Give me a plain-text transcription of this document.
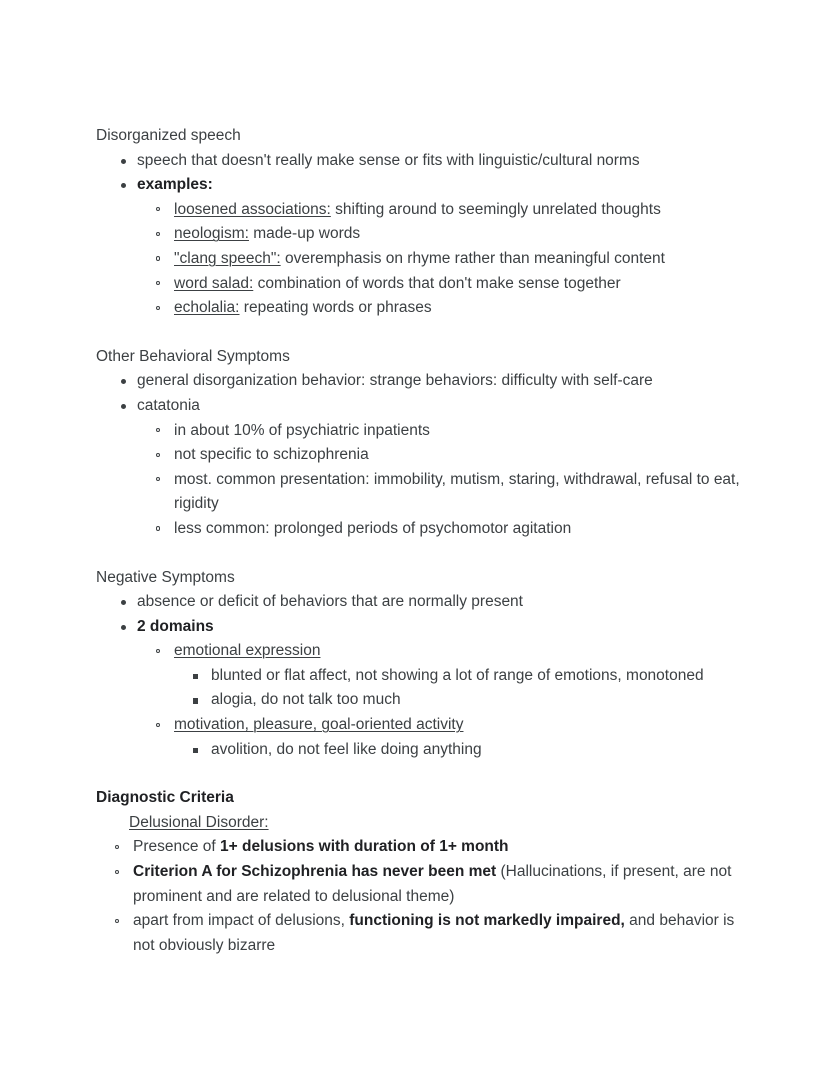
Disorganized speech

speech that doesn't really make sense or fits with linguistic/cultural norms
examples:
loosened associations: shifting around to seemingly unrelated thoughts
neologism: made-up words
"clang speech": overemphasis on rhyme rather than meaningful content
word salad: combination of words that don't make sense together
echolalia: repeating words or phrases

Other Behavioral Symptoms

general disorganization behavior: strange behaviors: difficulty with self-care
catatonia
in about 10% of psychiatric inpatients
not specific to schizophrenia
most. common presentation: immobility, mutism, staring, withdrawal, refusal to eat, rigidity
less common: prolonged periods of psychomotor agitation

Negative Symptoms

absence or deficit of behaviors that are normally present
2 domains
emotional expression
blunted or flat affect, not showing a lot of range of emotions, monotoned
alogia, do not talk too much
motivation, pleasure, goal-oriented activity
avolition, do not feel like doing anything

Diagnostic Criteria

Delusional Disorder:

Presence of 1+ delusions with duration of 1+ month
Criterion A for Schizophrenia has never been met (Hallucinations, if present, are not prominent and are related to delusional theme)
apart from impact of delusions, functioning is not markedly impaired, and behavior is not obviously bizarre
